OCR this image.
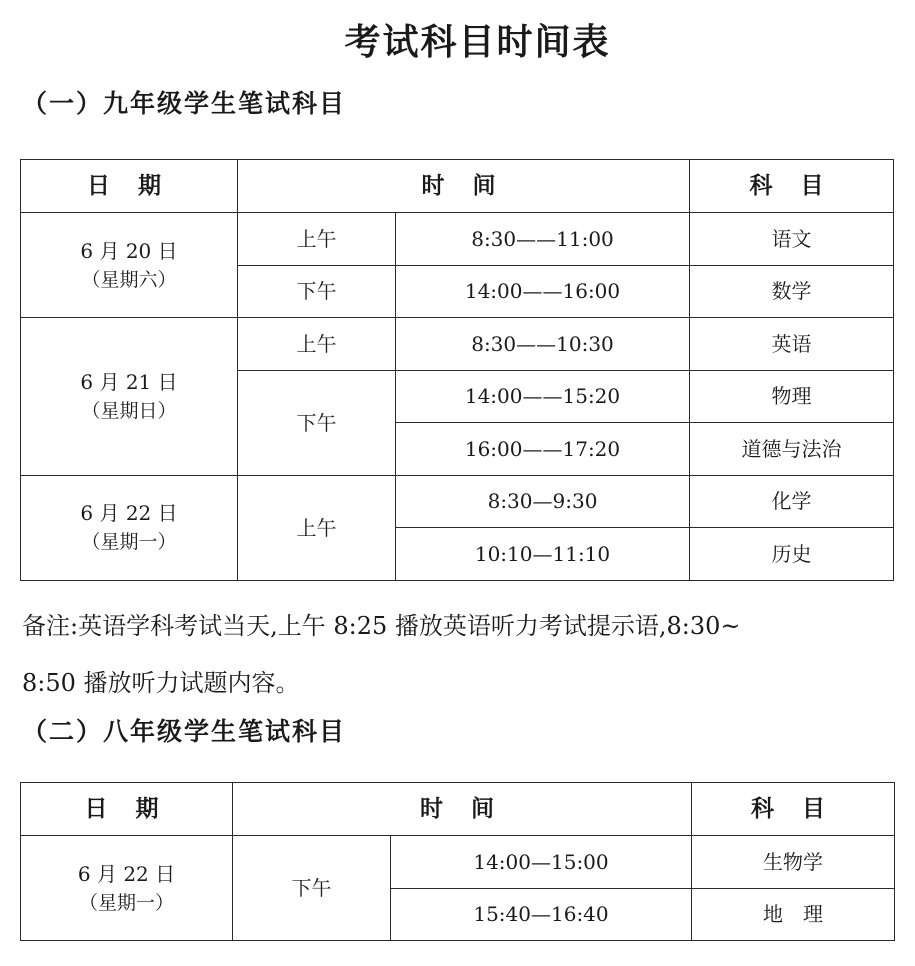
考试科目时间表
（一）九年级学生笔试科目
日 期	时 间		科 目

6 月 20 日
（星期六）	上午	8:30——11:00	语文
	下午	14:00——16:00	数学

6 月 21 日
（星期日）	上午	8:30——10:30	英语
	下午	14:00——15:20	物理
		16:00——17:20	道德与法治

6 月 22 日
（星期一）	上午	8:30—9:30	化学
		10:10—11:10	历史
备注:英语学科考试当天,上午 8:25 播放英语听力考试提示语,8:30~
8:50 播放听力试题内容。
（二）八年级学生笔试科目
日 期	时 间		科 目

6 月 22 日
（星期一）	下午	14:00—15:00	生物学
		15:40—16:40	地　理
